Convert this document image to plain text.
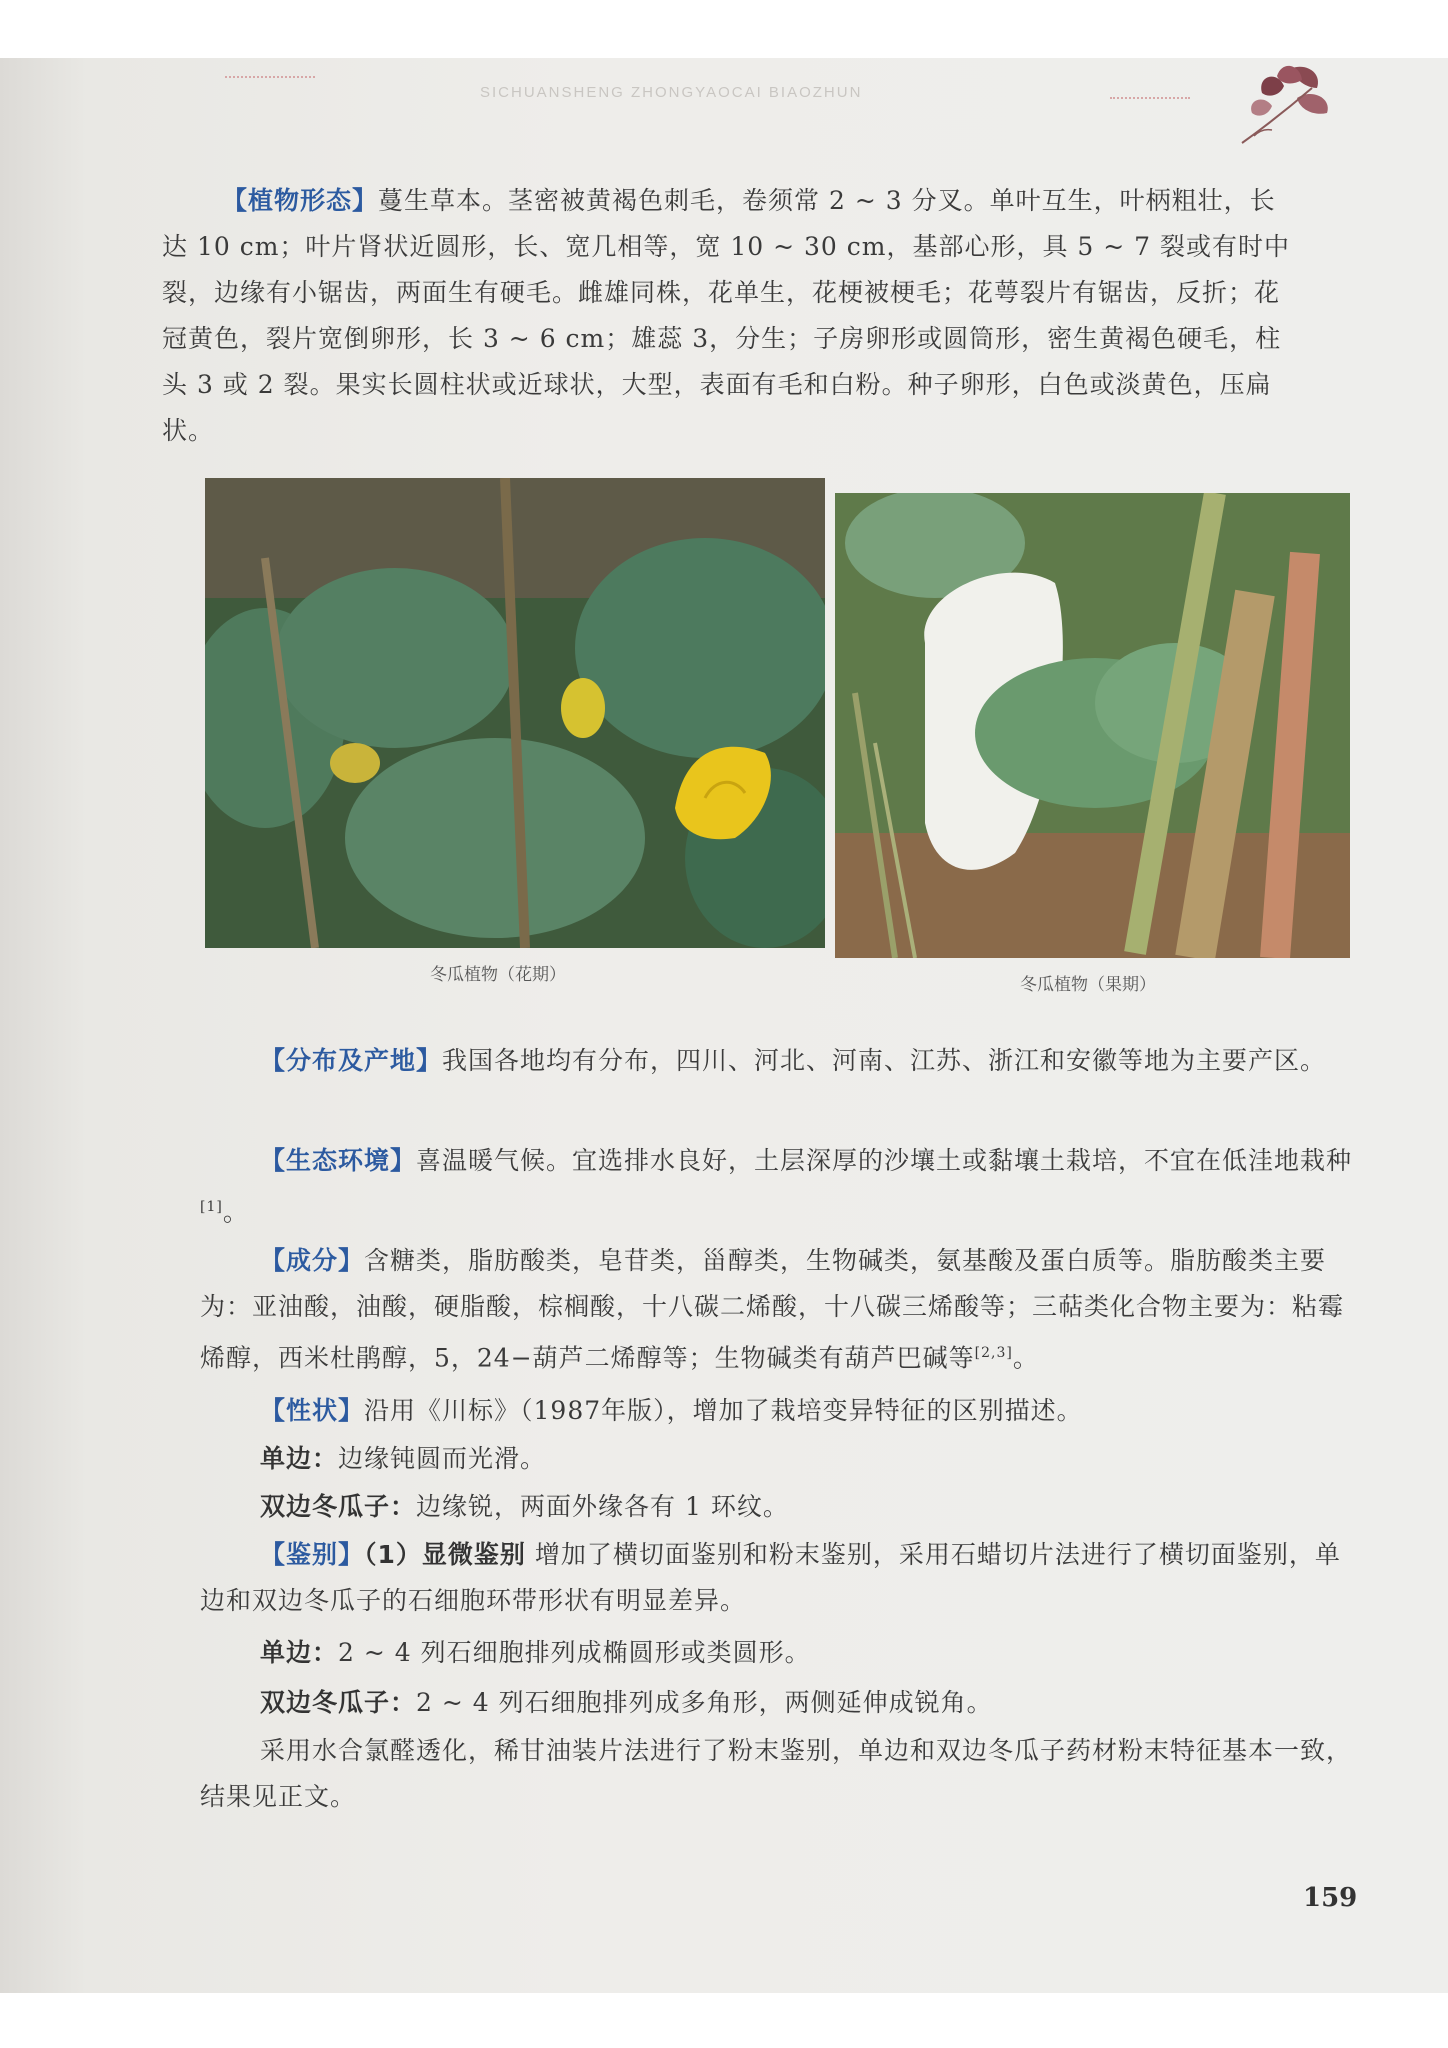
SICHUANSHENG ZHONGYAOCAI BIAOZHUN
【植物形态】蔓生草本。茎密被黄褐色刺毛，卷须常 2 ~ 3 分叉。单叶互生，叶柄粗壮，长达 10 cm；叶片肾状近圆形，长、宽几相等，宽 10 ~ 30 cm，基部心形，具 5 ~ 7 裂或有时中裂，边缘有小锯齿，两面生有硬毛。雌雄同株，花单生，花梗被梗毛；花萼裂片有锯齿，反折；花冠黄色，裂片宽倒卵形，长 3 ~ 6 cm；雄蕊 3，分生；子房卵形或圆筒形，密生黄褐色硬毛，柱头 3 或 2 裂。果实长圆柱状或近球状，大型，表面有毛和白粉。种子卵形，白色或淡黄色，压扁状。
冬瓜植物（花期）	冬瓜植物（果期）
【分布及产地】我国各地均有分布，四川、河北、河南、江苏、浙江和安徽等地为主要产区。
【生态环境】喜温暖气候。宜选排水良好，土层深厚的沙壤土或黏壤土栽培，不宜在低洼地栽种[1]。
【成分】含糖类，脂肪酸类，皂苷类，甾醇类，生物碱类，氨基酸及蛋白质等。脂肪酸类主要为：亚油酸，油酸，硬脂酸，棕榈酸，十八碳二烯酸，十八碳三烯酸等；三萜类化合物主要为：粘霉烯醇，西米杜鹃醇，5，24−葫芦二烯醇等；生物碱类有葫芦巴碱等[2,3]。
【性状】沿用《川标》（1987年版），增加了栽培变异特征的区别描述。
单边：边缘钝圆而光滑。
双边冬瓜子：边缘锐，两面外缘各有 1 环纹。
【鉴别】（1）显微鉴别 增加了横切面鉴别和粉末鉴别，采用石蜡切片法进行了横切面鉴别，单边和双边冬瓜子的石细胞环带形状有明显差异。
单边：2 ~ 4 列石细胞排列成椭圆形或类圆形。
双边冬瓜子：2 ~ 4 列石细胞排列成多角形，两侧延伸成锐角。
采用水合氯醛透化，稀甘油装片法进行了粉末鉴别，单边和双边冬瓜子药材粉末特征基本一致，结果见正文。
159
